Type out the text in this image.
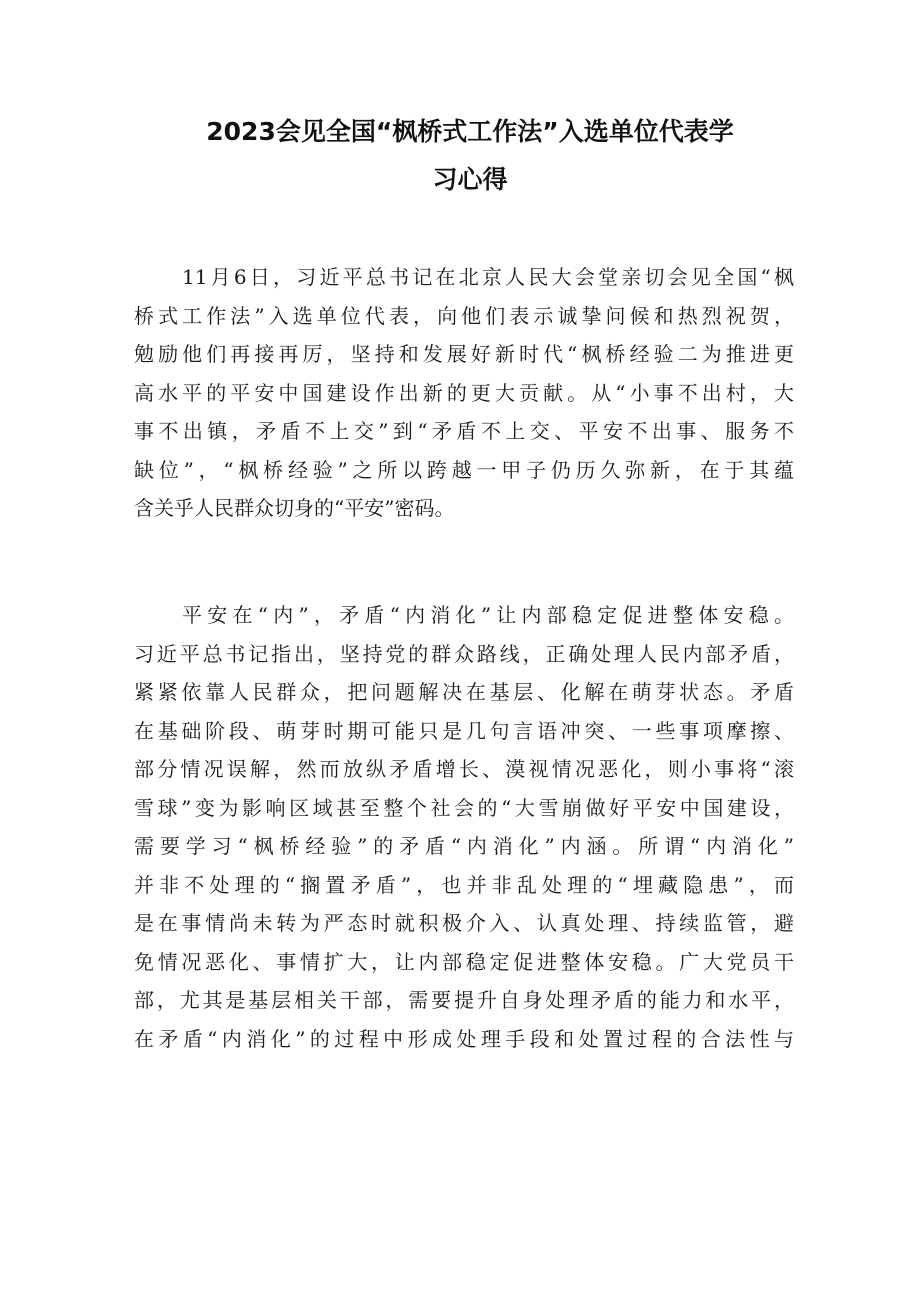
2023会见全国“枫桥式工作法”入选单位代表学
习心得
11月6日，习近平总书记在北京人民大会堂亲切会见全国“枫
桥式工作法”入选单位代表，向他们表示诚挚问候和热烈祝贺，
勉励他们再接再厉，坚持和发展好新时代“枫桥经验二为推进更
高水平的平安中国建设作出新的更大贡献。从“小事不出村，大
事不出镇，矛盾不上交”到“矛盾不上交、平安不出事、服务不
缺位”，“枫桥经验”之所以跨越一甲子仍历久弥新，在于其蕴
含关乎人民群众切身的“平安”密码。
平安在“内”，矛盾“内消化”让内部稳定促进整体安稳。
习近平总书记指出，坚持党的群众路线，正确处理人民内部矛盾，
紧紧依靠人民群众，把问题解决在基层、化解在萌芽状态。矛盾
在基础阶段、萌芽时期可能只是几句言语冲突、一些事项摩擦、
部分情况误解，然而放纵矛盾增长、漠视情况恶化，则小事将“滚
雪球”变为影响区域甚至整个社会的“大雪崩做好平安中国建设，
需要学习“枫桥经验”的矛盾“内消化”内涵。所谓“内消化”
并非不处理的“搁置矛盾”，也并非乱处理的“埋藏隐患”，而
是在事情尚未转为严态时就积极介入、认真处理、持续监管，避
免情况恶化、事情扩大，让内部稳定促进整体安稳。广大党员干
部，尤其是基层相关干部，需要提升自身处理矛盾的能力和水平，
在矛盾“内消化”的过程中形成处理手段和处置过程的合法性与
